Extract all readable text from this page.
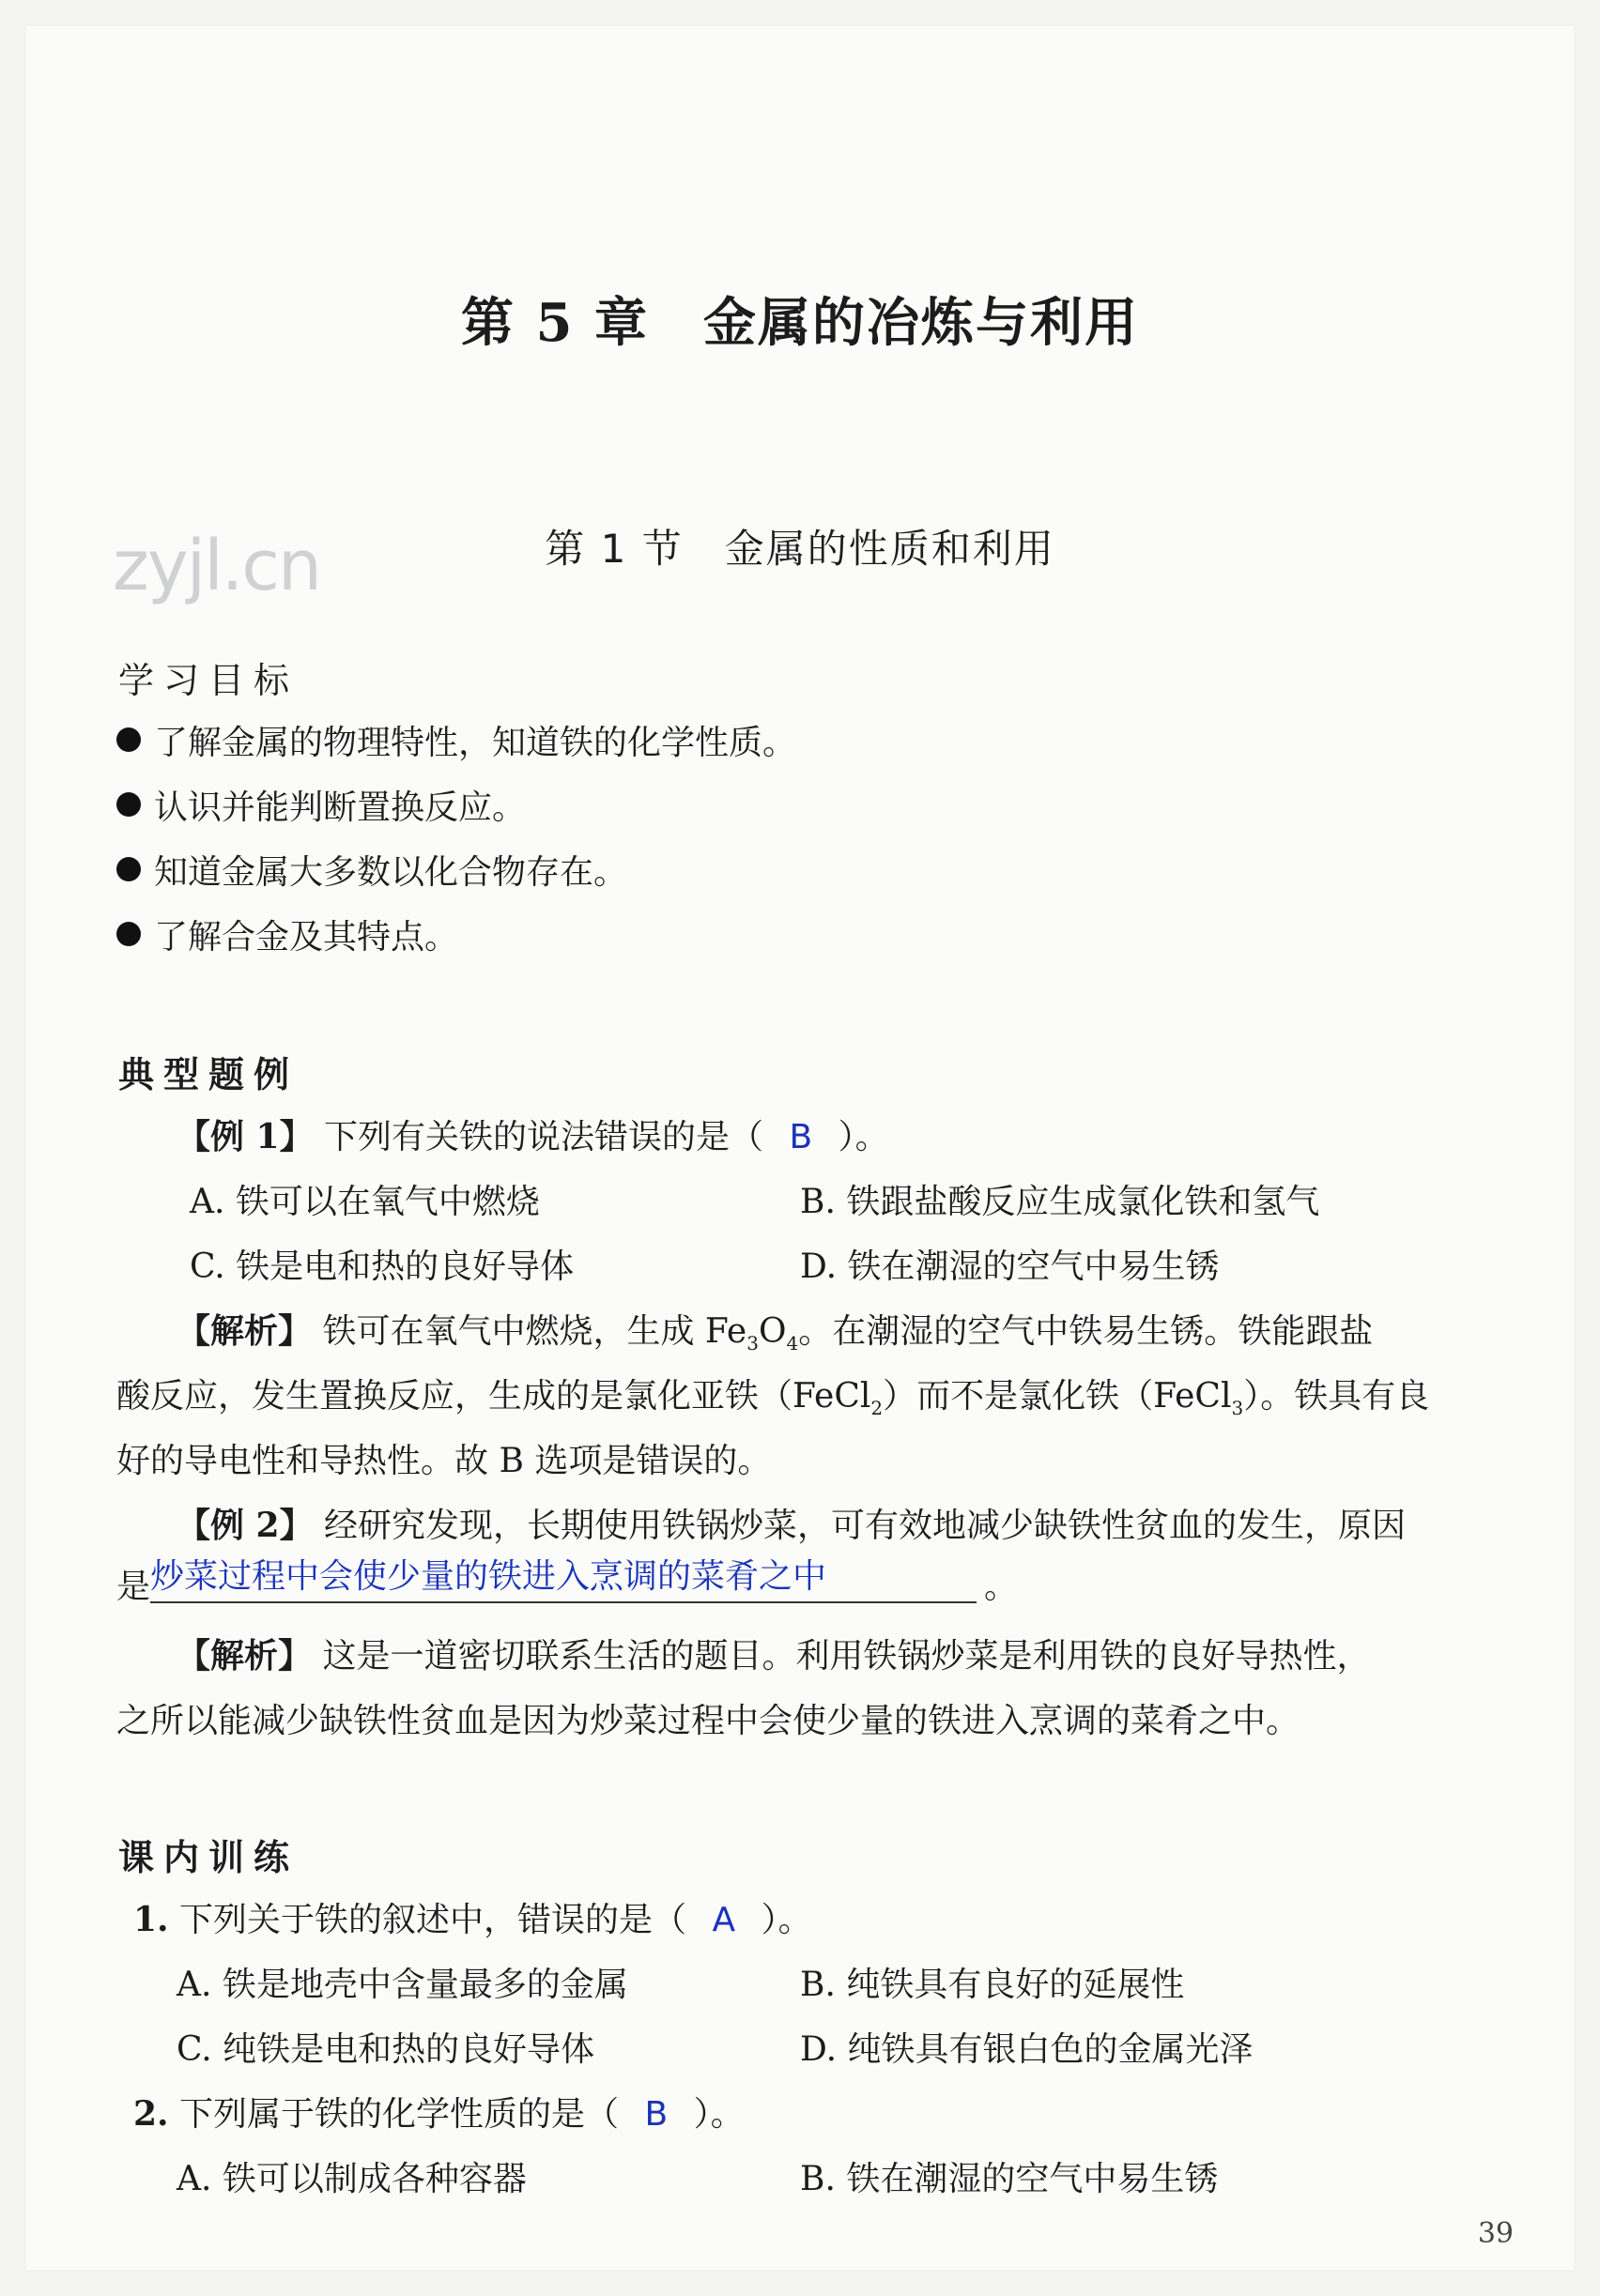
zyjl.cn
第 5 章　金属的冶炼与利用
第 1 节　金属的性质和利用
学习目标
了解金属的物理特性，知道铁的化学性质。
认识并能判断置换反应。
知道金属大多数以化合物存在。
了解合金及其特点。
典型题例
【例 1】 下列有关铁的说法错误的是（ B ）。
A. 铁可以在氧气中燃烧	B. 铁跟盐酸反应生成氯化铁和氢气
C. 铁是电和热的良好导体	D. 铁在潮湿的空气中易生锈
【解析】 铁可在氧气中燃烧，生成 $Fe_3O_4$。在潮湿的空气中铁易生锈。铁能跟盐
酸反应，发生置换反应，生成的是氯化亚铁（FeCl$_2$）而不是氯化铁（FeCl$_3$）。铁具有良
好的导电性和导热性。故 B 选项是错误的。
【例 2】 经研究发现，长期使用铁锅炒菜，可有效地减少缺铁性贫血的发生，原因
是 炒菜过程中会使少量的铁进入烹调的菜肴之中	。
【解析】 这是一道密切联系生活的题目。利用铁锅炒菜是利用铁的良好导热性，
之所以能减少缺铁性贫血是因为炒菜过程中会使少量的铁进入烹调的菜肴之中。
课内训练
1. 下列关于铁的叙述中，错误的是（ A ）。
A. 铁是地壳中含量最多的金属	B. 纯铁具有良好的延展性
C. 纯铁是电和热的良好导体	D. 纯铁具有银白色的金属光泽
2. 下列属于铁的化学性质的是（ B ）。
A. 铁可以制成各种容器	B. 铁在潮湿的空气中易生锈
39
